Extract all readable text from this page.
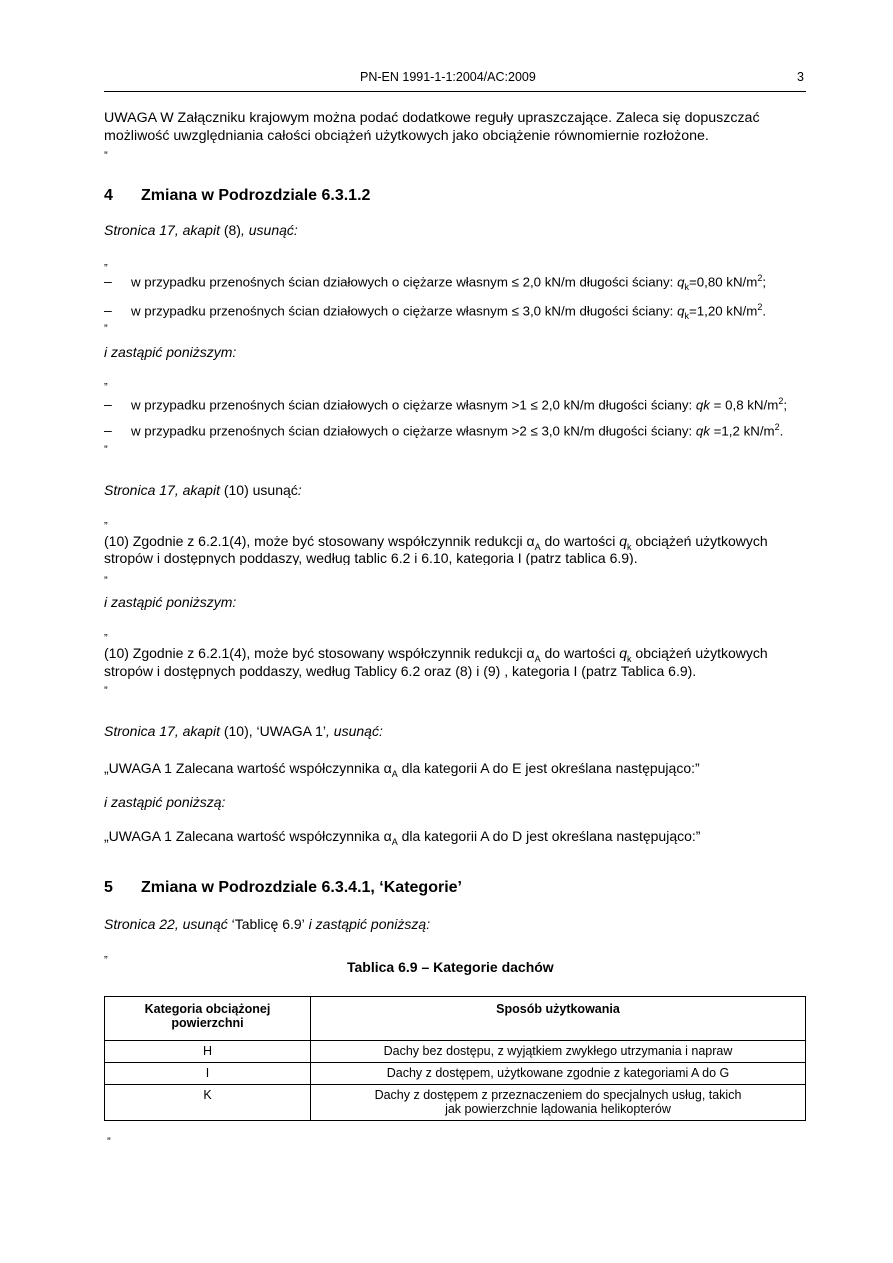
PN-EN 1991-1-1:2004/AC:2009	3
UWAGA W Załączniku krajowym można podać dodatkowe reguły upraszczające. Zaleca się dopuszczać
możliwość uwzględniania całości obciążeń użytkowych jako obciążenie równomiernie rozłożone.
”
4 Zmiana w Podrozdziale 6.3.1.2
Stronica 17, akapit (8), usunąć:
„
– w przypadku przenośnych ścian działowych o ciężarze własnym ≤ 2,0 kN/m długości ściany: $q_k=0,80$ $kN/m^2$;
– w przypadku przenośnych ścian działowych o ciężarze własnym ≤ 3,0 kN/m długości ściany: $q_k=1,20$ $kN/m^2$.
”
i zastąpić poniższym:
„
– w przypadku przenośnych ścian działowych o ciężarze własnym >1 ≤ 2,0 kN/m długości ściany: qk = 0,8 $kN/m^2$;
– w przypadku przenośnych ścian działowych o ciężarze własnym >2 ≤ 3,0 kN/m długości ściany: qk =1,2 $kN/m^2$.
”
Stronica 17, akapit (10) usunąć:
„
(10) Zgodnie z 6.2.1(4), może być stosowany współczynnik redukcji $\alpha_A$ do wartości $q_k$ obciążeń użytkowych
stropów i dostępnych poddaszy, według tablic 6.2 i 6.10, kategoria I (patrz tablica 6.9).
”
i zastąpić poniższym:
„
(10) Zgodnie z 6.2.1(4), może być stosowany współczynnik redukcji $\alpha_A$ do wartości $q_k$ obciążeń użytkowych
stropów i dostępnych poddaszy, według Tablicy 6.2 oraz (8) i (9) , kategoria I (patrz Tablica 6.9).
”
Stronica 17, akapit (10), ‘UWAGA 1’, usunąć:
„UWAGA 1 Zalecana wartość współczynnika $\alpha_A$ dla kategorii A do E jest określana następująco:”
i zastąpić poniższą:
„UWAGA 1 Zalecana wartość współczynnika $\alpha_A$ dla kategorii A do D jest określana następująco:”
5 Zmiana w Podrozdziale 6.3.4.1, ‘Kategorie’
Stronica 22, usunąć ‘Tablicę 6.9’ i zastąpić poniższą:
„
Tablica 6.9 – Kategorie dachów
Kategoria obciążonej
powierzchni	Sposób użytkowania
H	Dachy bez dostępu, z wyjątkiem zwykłego utrzymania i napraw
I	Dachy z dostępem, użytkowane zgodnie z kategoriami A do G
K	Dachy z dostępem z przeznaczeniem do specjalnych usług, takich
jak powierzchnie lądowania helikopterów
”
